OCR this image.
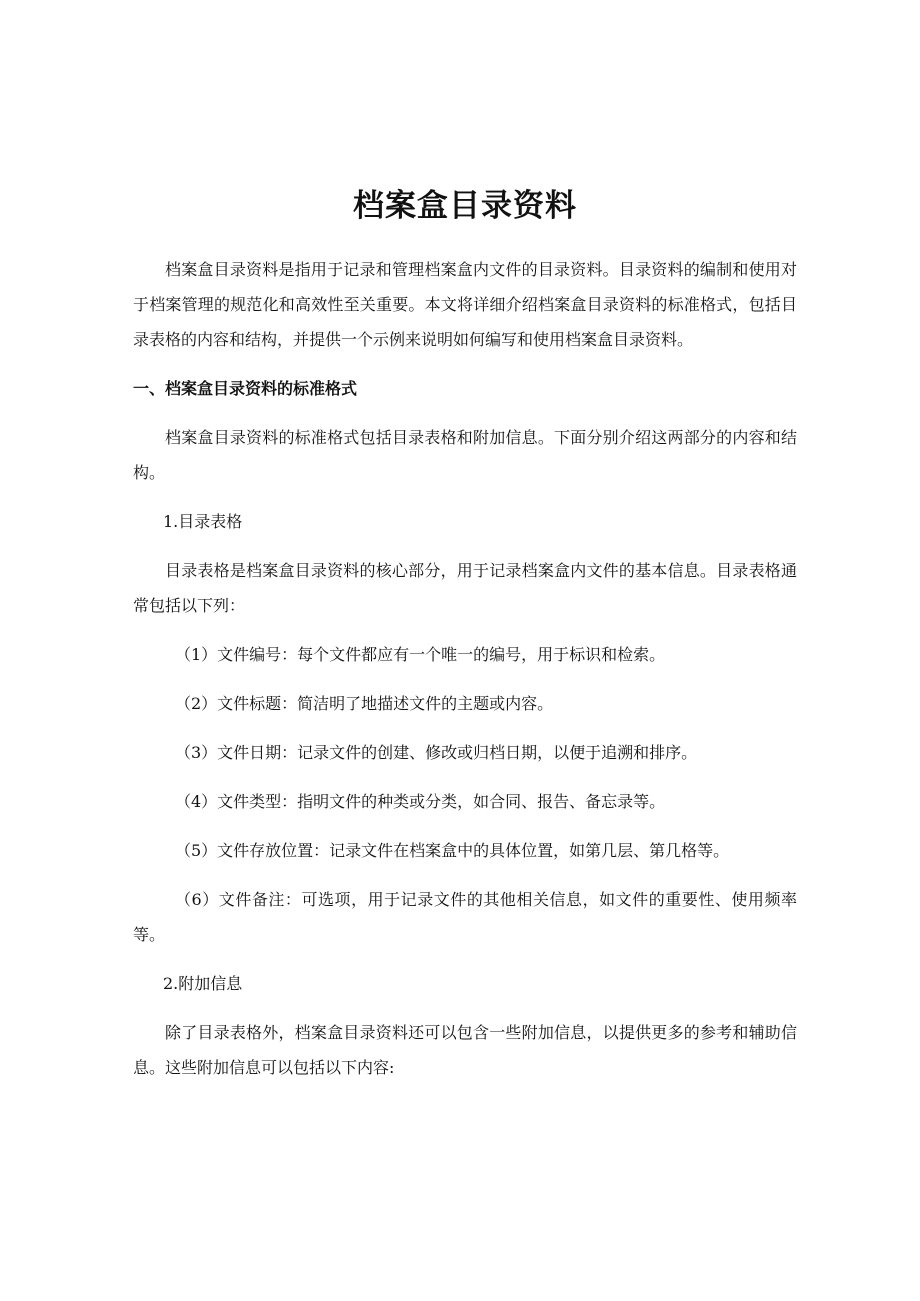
档案盒目录资料

档案盒目录资料是指用于记录和管理档案盒内文件的目录资料。目录资料的编制和使用对于档案管理的规范化和高效性至关重要。本文将详细介绍档案盒目录资料的标准格式，包括目录表格的内容和结构，并提供一个示例来说明如何编写和使用档案盒目录资料。

一、档案盒目录资料的标准格式

档案盒目录资料的标准格式包括目录表格和附加信息。下面分别介绍这两部分的内容和结构。

1.目录表格

目录表格是档案盒目录资料的核心部分，用于记录档案盒内文件的基本信息。目录表格通常包括以下列：

（1）文件编号：每个文件都应有一个唯一的编号，用于标识和检索。

（2）文件标题：简洁明了地描述文件的主题或内容。

（3）文件日期：记录文件的创建、修改或归档日期，以便于追溯和排序。

（4）文件类型：指明文件的种类或分类，如合同、报告、备忘录等。

（5）文件存放位置：记录文件在档案盒中的具体位置，如第几层、第几格等。

（6）文件备注：可选项，用于记录文件的其他相关信息，如文件的重要性、使用频率等。

2.附加信息

除了目录表格外，档案盒目录资料还可以包含一些附加信息，以提供更多的参考和辅助信息。这些附加信息可以包括以下内容:
